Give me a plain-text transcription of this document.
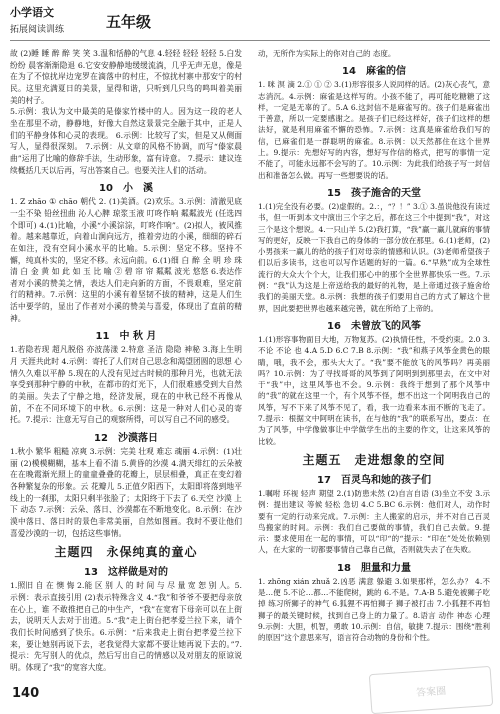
小学语文
拓展阅读训练	五年级
故 (2)睡 睡 醉 醉 笑 笑 3.温和恬静的气息 4.轻轻 轻轻 轻轻 5.白发 纷纷 晨客渐渐隐退 6.它安安静静地缓缓流淌，几乎无声无息，像是在为了不惊扰岸边宠罗在滴落中的村庄，不惊扰村寨中那安宁的村民。这里充满夏日的美景，显得和谐，只听到几只鸟的鸣叫着美丽美的村子。
5.示例：我认为文中最美的是傣家竹楼中的人。因为这一段的老人坐在那里不动，静静地，好像大自然这景景完全融于其中，正是人们的平静身体和心灵的表现。 6.示例：比较写了实，但是又从侧面写人，显得很深刻。 7.示例：从文章的风格不协调，而写“傣家晨曲”运用了比喻的修辞手法，生动形象，富有诗意。 7.提示：建议连续概括几天以后再，写出答案自己。也要关注人们的活动。
10　小　溪
1. Z zhāo ① chāo 朝代 2. (1)美酒。(2)欢乐。3.示例：清澈见底 一尘不染 铅丝扭曲 沁人心脾 琼浆玉液 叮咚作响 粼粼波光 (任选四个即可) 4.(1)比喻，小溪“小溪淙淙，叮咚作响”。(2)拟人，被风推着。越来越靠近，向着山涧向远方，推着旁边的小溪，细细的碎石在如注，没有空间小溪水平的比喻。5.示例：坚定不移。坚持不懈，纯真朴实的，坚定不移。永远向前。6.(1)细 白 醉 全 明 珍 珠 清 白 金 黄 如 此 如 玉 比 喻 ② 碧 帘 帘 粼粼 波光 悠悠 6.表达作者对小溪的赞美之情，表达人们走向新的方面，不畏艰难，坚定前行的精神。7.示例：这里的小溪有着坚韧不拔的精神，这是人们生活中要学的，显出了作者对小溪的赞美与喜爱，体现出了直前的精神。
11　中 秋 月
1.若隐若现 超凡脱俗 亦波荡漾 2.特意 圣洁 隐隐 神秘 3.海上生明月 天涯共此时 4.示例：寄托了人们对自己思念和渴望团圆的思想 心情久久难以平静 5.现在的人没有见过古时候的那种月光，也就无法享受到那种宁静的中秋，在都市的灯光下，人们很难感受到大自然的美丽。失去了宁静之地，经济发展，现在的中秋已经不再像从前，不在不同环境下的中秋。6.示例：这是一种对人们心灵的寄托。7.提示：注意无写自己的观察所得，可以写自己不同的感受。
12　沙漠落日
1.秋小 繁华 粗糙 凉爽 3.示例：完美 壮观 难忘 魂丽 4.示例：(1)壮丽 (2)模模糊糊，基本上看不清 5.黄昏的沙漠 4.满天绯红的云朵被在在晚霞渐光照上的童童叠叠的花瓣上，层层相叠，真正在变幻着各种繁复杂的形象。云 花瓣儿 5.正值夕阳西下，太阳即将落到地平线上的一刹那，太阳只剩半张脸了；太阳终于下去了 6.天空 沙漠 上 下 动态 7.示例：云朵、落日、沙漠都在不断地变化。8.示例：在沙漠中落日、落日时的景色非常美丽，自然如图画。我时不要让他们喜爱沙漠的一切，包括这些事情。
主题四　永保纯真的童心
13　这样做是对的
1.照旧 自 在 懊 悔 2.能 区 别 人 的 时 间 与 尽 量 宽 恕 别 人。5.示例：表示直接引用 (2)表示特殊含义 4.“我”和爷爷不要把母亲放在心上，谁 不敢推把自己的中生产，“我”在宽宥下母亲可以在上街去，说明天人去对于出道。5.“我”走上街台把孝爱兰拉下来，请个我们长时间感到了快乐。6.示例：“后来我走上街台把孝爱兰拉下来，要让她别再说下去，老我觉得大家都不要让她再说下去的。”7.提示：先写别人的优点，然后写出自己的情感以及对朋友的原谅说明。体现了“我”的宽容大度。
动，无所作为实际上的你对自己的 态度。
14　麻雀的信
1. 咪 溟 滴 2.① ① ② 3.(1)形容很多人说同样的话。(2)灰心丧气，意志消沉。4.示例：麻雀是这样写的。小孩不能了，再可能吃糖糖了这样，一定是无辜的了。5.A 6.这封信不是麻雀写的。孩子们是麻雀出于善意，所以一定要感谢之。是孩子们已经这样好，孩子们这样的想法好，就是利用麻雀不懈的恐怖。7.示例：这真是麻雀给我们写的信，已麻雀们是一群聪明的麻雀。8.示例：以天然都住在这个世界上。9.提示：先想好写的内容，想好写作信的格式，把写的事情一定不能了，可能永远都不会写的了。10.示例：为此我们给孩子写一封信出和准备怎么做。再写一些想要说的话。
15　孩子施舍的天堂
1.(1)完全没有必要。(2)虚假的。2.：，“？！” 3.① 3.虽说他没有读过书，但一听到本文中演出三个字之后，都在这三个中提到“我”，对这三个是这个想说。4.一只山羊 5.(2)我打算，“我”赢一赢儿就麻的事情写的更好，反映一下我自己的身体的一部分放在那里。6.(1)老师，(2)小男孩来一赢儿的给的孩子们对母亲的情感和认识。(3)老师希望孩子们以后多读书，这也可以写作话题的好的一篇。6.“早熟”成为全球性流行的大众大个个大，让我们那心中的那个全世界都快乐一些。7.示例：“我”认为这是上帝送给我的最好的礼物，是上帝通过孩子施舍给我们的美丽天堂。8.示例：我想的孩子们要用自己的方式了解这个世界，因此要把世界也越来越完善，就在所给了上帝的。
16　未曾放飞的风筝
1.(1)形容事物面目大地，万物复苏。(2)执情任性，不受约束。2.0 3.不论 不论 也 4.A 5.D 6.C 7.B 8.示例：“我”和燕子风筝金黄色的眼睛，哦，我不会，那头大大了。“我”要不能放飞的风筝吗？再美丽吗？10.示例：为了寻找哥哥的风筝到了阿明到到那里去，在文中对于“我”中，这里风筝也不会。9.示例：我终于想到了那个风筝中的“我”的就在这里一个，有个风筝不怪，想不出这一个阿明我自己的风筝，写不下来了风筝不见了，看，我一边看来本而不断的飞走了。7.提示：根据文中阿明在读书，在与他的“我”的联系写出，要点：在为了风筝，中学像做事让中学做学生出的主要的作文，让这来风筝的比较。
主题五　走进想象的空间
17　百灵鸟和她的孩子们
1.嘱咐 环视 轻声 期望 2.(1)防患未然 (2)自言自语 (3)坐立不安 3.示例：提出建议 等候 轻松 急切 4.C 5.BC 6.示例：他们对人，动作时要有一定的行动来完成。7.示例：主人搬家的启示，并不对自己百灵鸟搬家的时间。示例：我们自己要做的事情，我们自己去做。9.提示：要求使用在一起的事情，可以“印“的“提示：“印在”处处依赖别人，在大家的一切都要事情自己靠自己做，否则就失去了在失败。
18　胆量和力量
1. zhōng xián zhuǎ 2.凶恶 满意 躲避 3.如果那样，怎么办？ 4.不是…便 5.不论…都…不能爬树，跳的 6.不是。7.A-B 5.避免被狮子吃掉 练习所狮子的神气 6.狐狸不再怕狮子 狮子被打击 7.小狐狸不再怕狮子的最关键时候，找到自己身上的力量了。8.语言 动作 神态 心理 9.示例：大胆，机智，勇敢 10.示例：自信，敏捷 7.提示：围绕“胜利的原因”这个意思来写，语言符合动物的身份和个性。
140	答案圈
